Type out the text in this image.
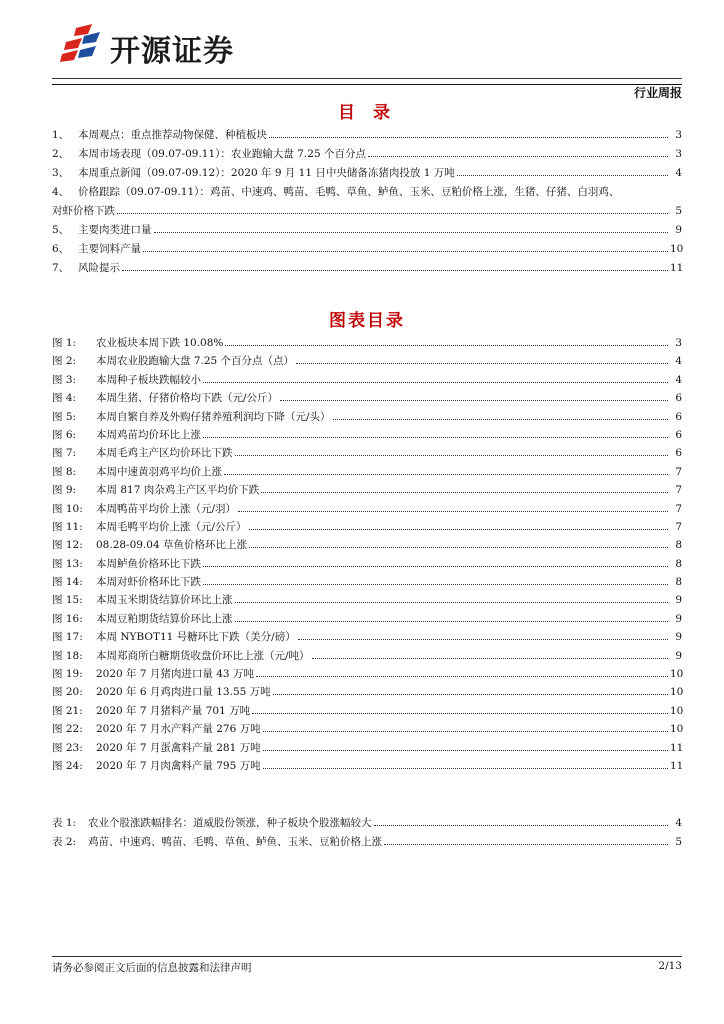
开源证券
行业周报
目 录
1、 本周观点：重点推荐动物保健、种植板块	3
2、 本周市场表现（09.07-09.11）：农业跑输大盘 7.25 个百分点	3
3、 本周重点新闻（09.07-09.12）：2020 年 9 月 11 日中央储备冻猪肉投放 1 万吨	4
4、 价格跟踪（09.07-09.11）：鸡苗、中速鸡、鸭苗、毛鸭、草鱼、鲈鱼、玉米、豆粕价格上涨，生猪、仔猪、白羽鸡、
对虾价格下跌	5
5、 主要肉类进口量	9
6、 主要饲料产量	10
7、 风险提示	11
图表目录
图 1:	农业板块本周下跌 10.08%	3
图 2:	本周农业股跑输大盘 7.25 个百分点（点）	4
图 3:	本周种子板块跌幅较小	4
图 4:	本周生猪、仔猪价格均下跌（元/公斤）	6
图 5:	本周自繁自养及外购仔猪养殖利润均下降（元/头）	6
图 6:	本周鸡苗均价环比上涨	6
图 7:	本周毛鸡主产区均价环比下跌	6
图 8:	本周中速黄羽鸡平均价上涨	7
图 9:	本周 817 肉杂鸡主产区平均价下跌	7
图 10:	本周鸭苗平均价上涨（元/羽）	7
图 11:	本周毛鸭平均价上涨（元/公斤）	7
图 12:	08.28-09.04 草鱼价格环比上涨	8
图 13:	本周鲈鱼价格环比下跌	8
图 14:	本周对虾价格环比下跌	8
图 15:	本周玉米期货结算价环比上涨	9
图 16:	本周豆粕期货结算价环比上涨	9
图 17:	本周 NYBOT11 号糖环比下跌（美分/磅）	9
图 18:	本周郑商所白糖期货收盘价环比上涨（元/吨）	9
图 19:	2020 年 7 月猪肉进口量 43 万吨	10
图 20:	2020 年 6 月鸡肉进口量 13.55 万吨	10
图 21:	2020 年 7 月猪料产量 701 万吨	10
图 22:	2020 年 7 月水产料产量 276 万吨	10
图 23:	2020 年 7 月蛋禽料产量 281 万吨	11
图 24:	2020 年 7 月肉禽料产量 795 万吨	11
表 1:	农业个股涨跌幅排名：道威股份领涨，种子板块个股涨幅较大	4
表 2:	鸡苗、中速鸡、鸭苗、毛鸭、草鱼、鲈鱼、玉米、豆粕价格上涨	5
请务必参阅正文后面的信息披露和法律声明	2/13
